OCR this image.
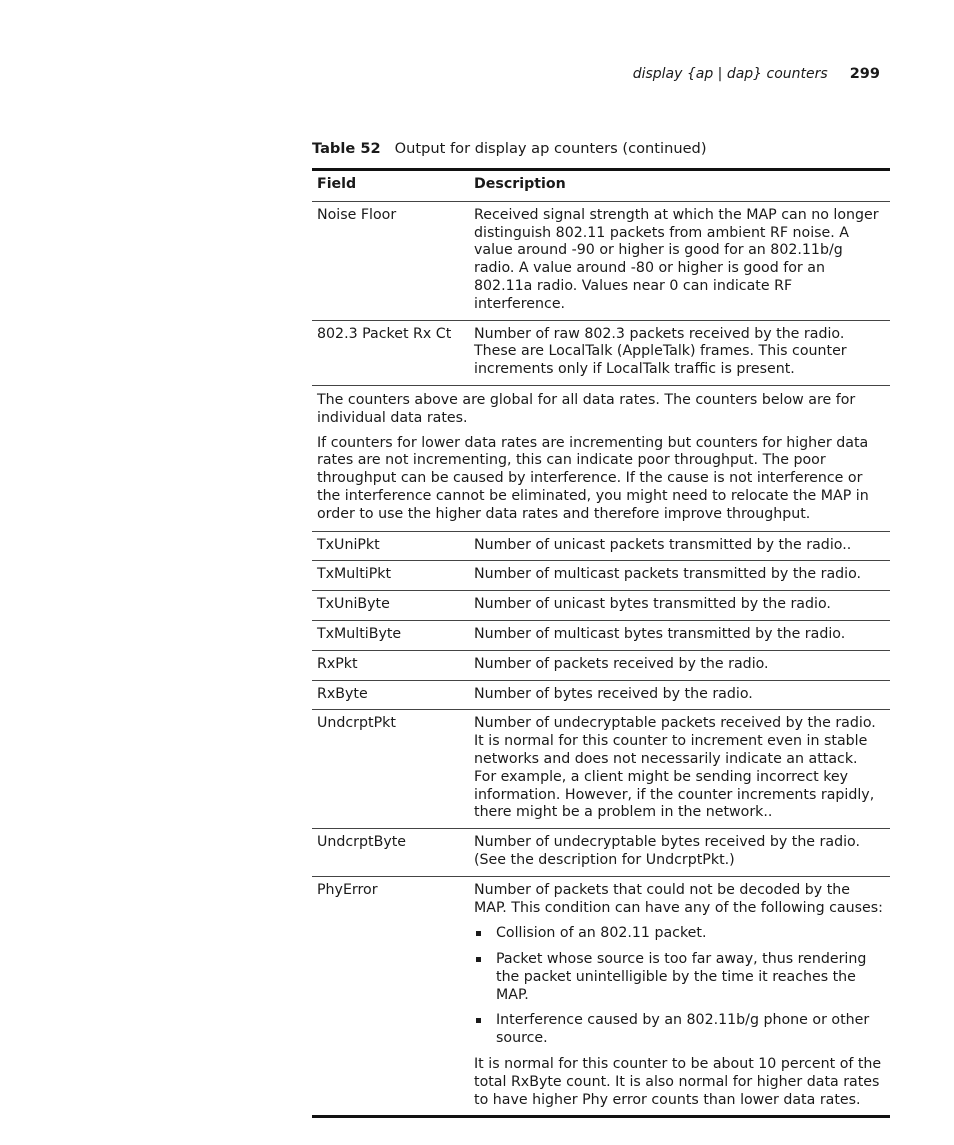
display {ap | dap} counters 299
Table 52 Output for display ap counters (continued)
Field	Description
Noise Floor	Received signal strength at which the MAP can no longer distinguish 802.11 packets from ambient RF noise. A value around -90 or higher is good for an 802.11b/g radio. A value around -80 or higher is good for an 802.11a radio. Values near 0 can indicate RF interference.
802.3 Packet Rx Ct	Number of raw 802.3 packets received by the radio. These are LocalTalk (AppleTalk) frames. This counter increments only if LocalTalk traffic is present.

The counters above are global for all data rates. The counters below are for individual data rates.

If counters for lower data rates are incrementing but counters for higher data rates are not incrementing, this can indicate poor throughput. The poor throughput can be caused by interference. If the cause is not interference or the interference cannot be eliminated, you might need to relocate the MAP in order to use the higher data rates and therefore improve throughput.

TxUniPkt	Number of unicast packets transmitted by the radio..
TxMultiPkt	Number of multicast packets transmitted by the radio.
TxUniByte	Number of unicast bytes transmitted by the radio.
TxMultiByte	Number of multicast bytes transmitted by the radio.
RxPkt	Number of packets received by the radio.
RxByte	Number of bytes received by the radio.
UndcrptPkt	Number of undecryptable packets received by the radio. It is normal for this counter to increment even in stable networks and does not necessarily indicate an attack. For example, a client might be sending incorrect key information. However, if the counter increments rapidly, there might be a problem in the network..
UndcrptByte	Number of undecryptable bytes received by the radio. (See the description for UndcrptPkt.)
PhyError	Number of packets that could not be decoded by the MAP. This condition can have any of the following causes:

Collision of an 802.11 packet.
Packet whose source is too far away, thus rendering the packet unintelligible by the time it reaches the MAP.
Interference caused by an 802.11b/g phone or other source.

It is normal for this counter to be about 10 percent of the total RxByte count. It is also normal for higher data rates to have higher Phy error counts than lower data rates.
